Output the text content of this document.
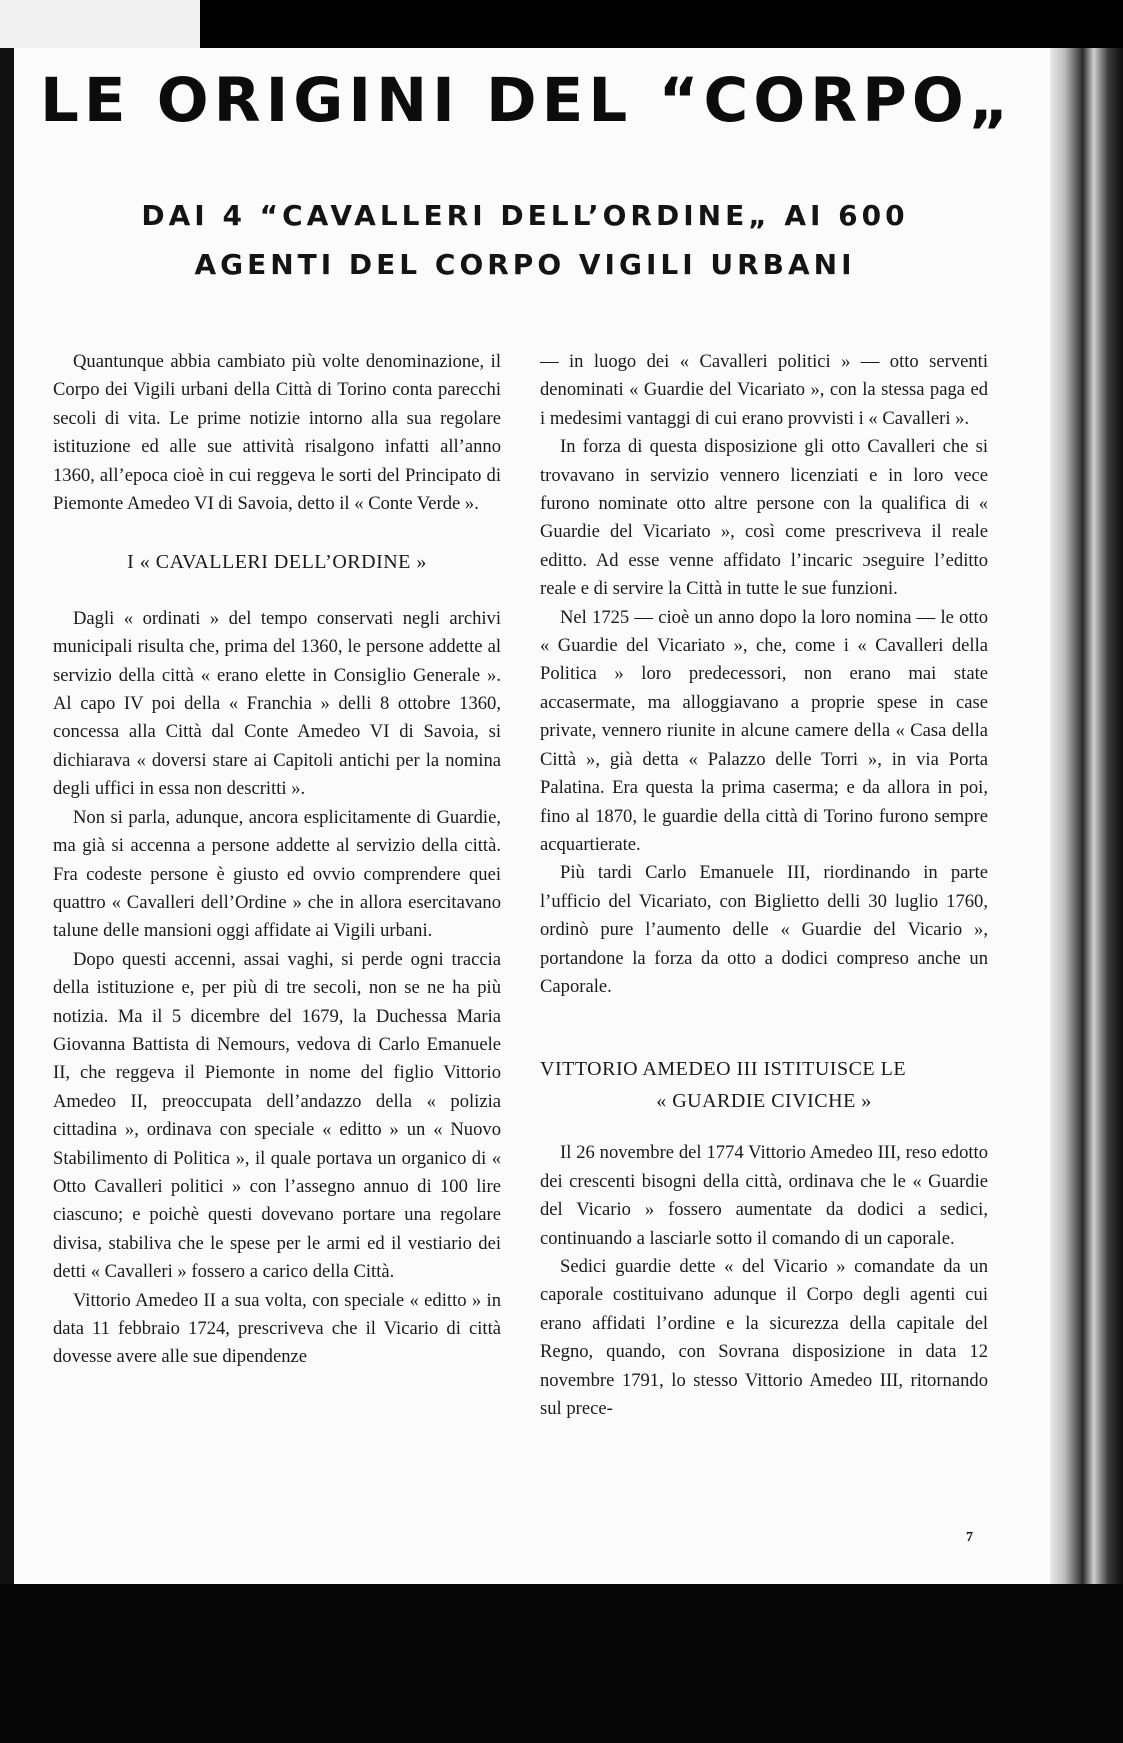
LE ORIGINI DEL “CORPO„
DAI 4 “CAVALLERI DELL’ORDINE„ AI 600
AGENTI DEL CORPO VIGILI URBANI

Quantunque abbia cambiato più volte denominazione, il Corpo dei Vigili urbani della Città di Torino conta parecchi secoli di vita. Le prime notizie intorno alla sua regolare istituzione ed alle sue attività risalgono infatti all’anno 1360, all’epoca cioè in cui reggeva le sorti del Principato di Piemonte Amedeo VI di Savoia, detto il « Conte Verde ».

I « CAVALLERI DELL’ORDINE »

Dagli « ordinati » del tempo conservati negli archivi municipali risulta che, prima del 1360, le persone addette al servizio della città « erano elette in Consiglio Generale ». Al capo IV poi della « Franchia » delli 8 ottobre 1360, concessa alla Città dal Conte Amedeo VI di Savoia, si dichiarava « doversi stare ai Capitoli antichi per la nomina degli uffici in essa non descritti ».

Non si parla, adunque, ancora esplicitamente di Guardie, ma già si accenna a persone addette al servizio della città. Fra codeste persone è giusto ed ovvio comprendere quei quattro « Cavalleri dell’Ordine » che in allora esercitavano talune delle mansioni oggi affidate ai Vigili urbani.

Dopo questi accenni, assai vaghi, si perde ogni traccia della istituzione e, per più di tre secoli, non se ne ha più notizia. Ma il 5 dicembre del 1679, la Duchessa Maria Giovanna Battista di Nemours, vedova di Carlo Emanuele II, che reggeva il Piemonte in nome del figlio Vittorio Amedeo II, preoccupata dell’andazzo della « polizia cittadina », ordinava con speciale « editto » un « Nuovo Stabilimento di Politica », il quale portava un organico di « Otto Cavalleri politici » con l’assegno annuo di 100 lire ciascuno; e poichè questi dovevano portare una regolare divisa, stabiliva che le spese per le armi ed il vestiario dei detti « Cavalleri » fossero a carico della Città.

Vittorio Amedeo II a sua volta, con speciale « editto » in data 11 febbraio 1724, prescriveva che il Vicario di città dovesse avere alle sue dipendenze

— in luogo dei « Cavalleri politici » — otto serventi denominati « Guardie del Vicariato », con la stessa paga ed i medesimi vantaggi di cui erano provvisti i « Cavalleri ».

In forza di questa disposizione gli otto Cavalleri che si trovavano in servizio vennero licenziati e in loro vece furono nominate otto altre persone con la qualifica di « Guardie del Vicariato », così come prescriveva il reale editto. Ad esse venne affidato l’incaric ɔseguire l’editto reale e di servire la Città in tutte le sue funzioni.

Nel 1725 — cioè un anno dopo la loro nomina — le otto « Guardie del Vicariato », che, come i « Cavalleri della Politica » loro predecessori, non erano mai state accasermate, ma alloggiavano a proprie spese in case private, vennero riunite in alcune camere della « Casa della Città », già detta « Palazzo delle Torri », in via Porta Palatina. Era questa la prima caserma; e da allora in poi, fino al 1870, le guardie della città di Torino furono sempre acquartierate.

Più tardi Carlo Emanuele III, riordinando in parte l’ufficio del Vicariato, con Biglietto delli 30 luglio 1760, ordinò pure l’aumento delle « Guardie del Vicario », portandone la forza da otto a dodici compreso anche un Caporale.

VITTORIO AMEDEO III ISTITUISCE LE
« GUARDIE CIVICHE »

Il 26 novembre del 1774 Vittorio Amedeo III, reso edotto dei crescenti bisogni della città, ordinava che le « Guardie del Vicario » fossero aumentate da dodici a sedici, continuando a lasciarle sotto il comando di un caporale.

Sedici guardie dette « del Vicario » comandate da un caporale costituivano adunque il Corpo degli agenti cui erano affidati l’ordine e la sicurezza della capitale del Regno, quando, con Sovrana disposizione in data 12 novembre 1791, lo stesso Vittorio Amedeo III, ritornando sul prece-

7
